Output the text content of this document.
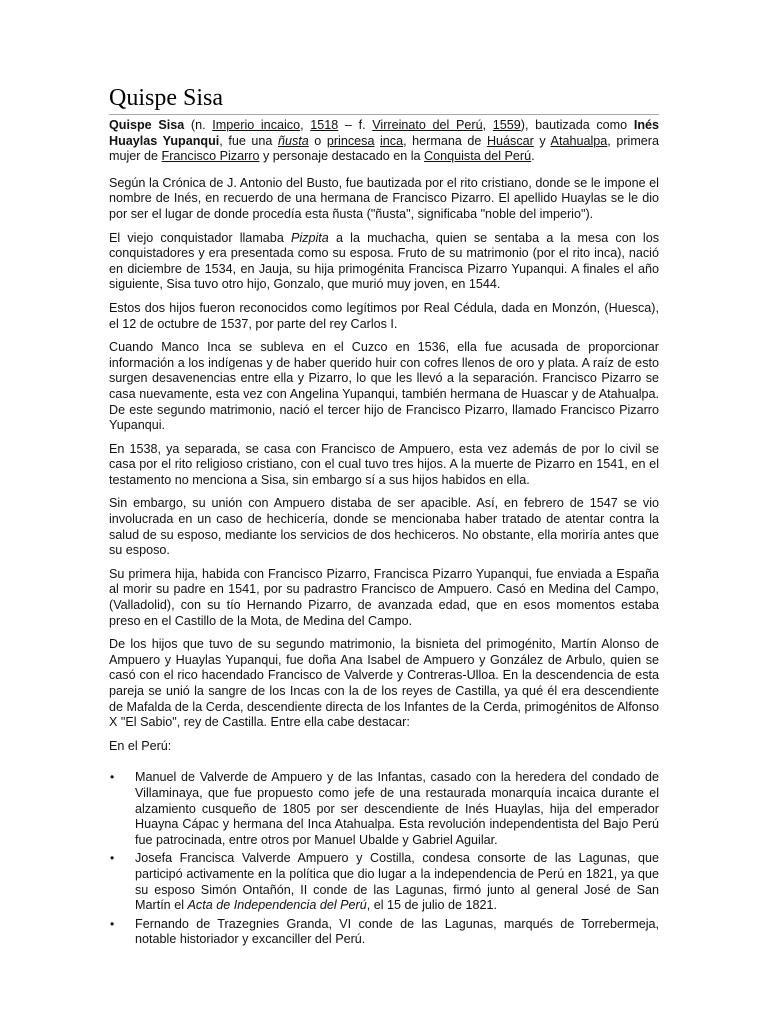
Quispe Sisa

Quispe Sisa (n. Imperio incaico, 1518 – f. Virreinato del Perú, 1559), bautizada como Inés Huaylas Yupanqui, fue una ñusta o princesa inca, hermana de Huáscar y Atahualpa, primera mujer de Francisco Pizarro y personaje destacado en la Conquista del Perú.

Según la Crónica de J. Antonio del Busto, fue bautizada por el rito cristiano, donde se le impone el nombre de Inés, en recuerdo de una hermana de Francisco Pizarro. El apellido Huaylas se le dio por ser el lugar de donde procedía esta ñusta ("ñusta", significaba "noble del imperio").

El viejo conquistador llamaba Pizpita a la muchacha, quien se sentaba a la mesa con los conquistadores y era presentada como su esposa. Fruto de su matrimonio (por el rito inca), nació en diciembre de 1534, en Jauja, su hija primogénita Francisca Pizarro Yupanqui. A finales el año siguiente, Sisa tuvo otro hijo, Gonzalo, que murió muy joven, en 1544.

Estos dos hijos fueron reconocidos como legítimos por Real Cédula, dada en Monzón, (Huesca), el 12 de octubre de 1537, por parte del rey Carlos I.

Cuando Manco Inca se subleva en el Cuzco en 1536, ella fue acusada de proporcionar información a los indígenas y de haber querido huir con cofres llenos de oro y plata. A raíz de esto surgen desavenencias entre ella y Pizarro, lo que les llevó a la separación. Francisco Pizarro se casa nuevamente, esta vez con Angelina Yupanqui, también hermana de Huascar y de Atahualpa. De este segundo matrimonio, nació el tercer hijo de Francisco Pizarro, llamado Francisco Pizarro Yupanqui.

En 1538, ya separada, se casa con Francisco de Ampuero, esta vez además de por lo civil se casa por el rito religioso cristiano, con el cual tuvo tres hijos. A la muerte de Pizarro en 1541, en el testamento no menciona a Sisa, sin embargo sí a sus hijos habidos en ella.

Sin embargo, su unión con Ampuero distaba de ser apacible. Así, en febrero de 1547 se vio involucrada en un caso de hechicería, donde se mencionaba haber tratado de atentar contra la salud de su esposo, mediante los servicios de dos hechiceros. No obstante, ella moriría antes que su esposo.

Su primera hija, habida con Francisco Pizarro, Francisca Pizarro Yupanqui, fue enviada a España al morir su padre en 1541, por su padrastro Francisco de Ampuero. Casó en Medina del Campo, (Valladolid), con su tío Hernando Pizarro, de avanzada edad, que en esos momentos estaba preso en el Castillo de la Mota, de Medina del Campo.

De los hijos que tuvo de su segundo matrimonio, la bisnieta del primogénito, Martín Alonso de Ampuero y Huaylas Yupanqui, fue doña Ana Isabel de Ampuero y González de Arbulo, quien se casó con el rico hacendado Francisco de Valverde y Contreras-Ulloa. En la descendencia de esta pareja se unió la sangre de los Incas con la de los reyes de Castilla, ya qué él era descendiente de Mafalda de la Cerda, descendiente directa de los Infantes de la Cerda, primogénitos de Alfonso X "El Sabio", rey de Castilla. Entre ella cabe destacar:

En el Perú:

• Manuel de Valverde de Ampuero y de las Infantas, casado con la heredera del condado de Villaminaya, que fue propuesto como jefe de una restaurada monarquía incaica durante el alzamiento cusqueño de 1805 por ser descendiente de Inés Huaylas, hija del emperador Huayna Cápac y hermana del Inca Atahualpa. Esta revolución independentista del Bajo Perú fue patrocinada, entre otros por Manuel Ubalde y Gabriel Aguilar.
• Josefa Francisca Valverde Ampuero y Costilla, condesa consorte de las Lagunas, que participó activamente en la política que dio lugar a la independencia de Perú en 1821, ya que su esposo Simón Ontañón, II conde de las Lagunas, firmó junto al general José de San Martín el Acta de Independencia del Perú, el 15 de julio de 1821.
• Fernando de Trazegnies Granda, VI conde de las Lagunas, marqués de Torrebermeja, notable historiador y excanciller del Perú.
